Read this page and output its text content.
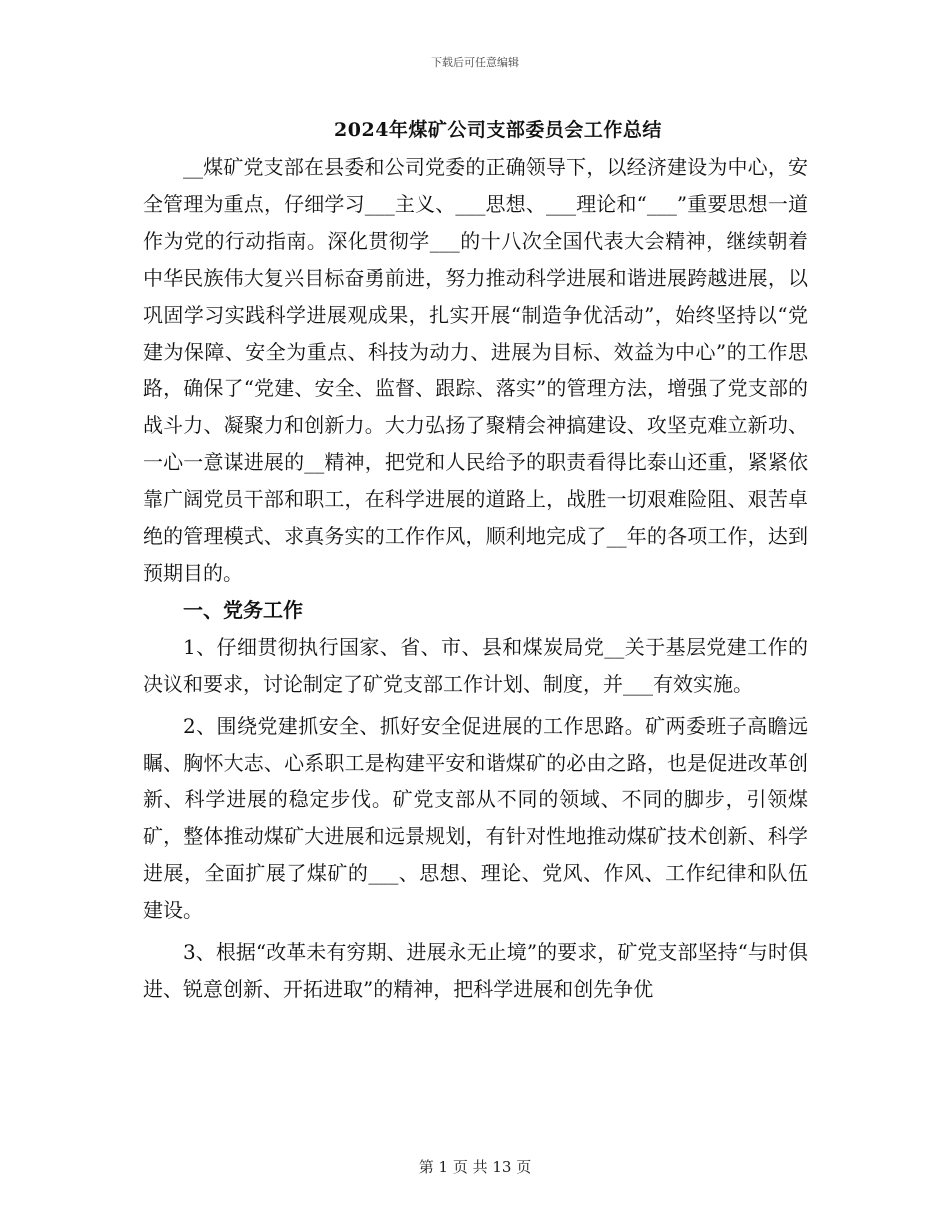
下载后可任意编辑
2024年煤矿公司支部委员会工作总结

__煤矿党支部在县委和公司党委的正确领导下，以经济建设为中心，安全管理为重点，仔细学习___主义、___思想、___理论和“___”重要思想一道作为党的行动指南。深化贯彻学___的十八次全国代表大会精神，继续朝着中华民族伟大复兴目标奋勇前进，努力推动科学进展和谐进展跨越进展，以巩固学习实践科学进展观成果，扎实开展“制造争优活动”，始终坚持以“党建为保障、安全为重点、科技为动力、进展为目标、效益为中心”的工作思路，确保了“党建、安全、监督、跟踪、落实”的管理方法，增强了党支部的战斗力、凝聚力和创新力。大力弘扬了聚精会神搞建设、攻坚克难立新功、一心一意谋进展的__精神，把党和人民给予的职责看得比泰山还重，紧紧依靠广阔党员干部和职工，在科学进展的道路上，战胜一切艰难险阻、艰苦卓绝的管理模式、求真务实的工作作风，顺利地完成了__年的各项工作，达到预期目的。

一、党务工作

1、仔细贯彻执行国家、省、市、县和煤炭局党__关于基层党建工作的决议和要求，讨论制定了矿党支部工作计划、制度，并___有效实施。

2、围绕党建抓安全、抓好安全促进展的工作思路。矿两委班子高瞻远瞩、胸怀大志、心系职工是构建平安和谐煤矿的必由之路，也是促进改革创新、科学进展的稳定步伐。矿党支部从不同的领域、不同的脚步，引领煤矿，整体推动煤矿大进展和远景规划，有针对性地推动煤矿技术创新、科学进展，全面扩展了煤矿的___、思想、理论、党风、作风、工作纪律和队伍建设。

3、根据“改革未有穷期、进展永无止境”的要求，矿党支部坚持“与时俱进、锐意创新、开拓进取”的精神，把科学进展和创先争优

第 1 页 共 13 页
